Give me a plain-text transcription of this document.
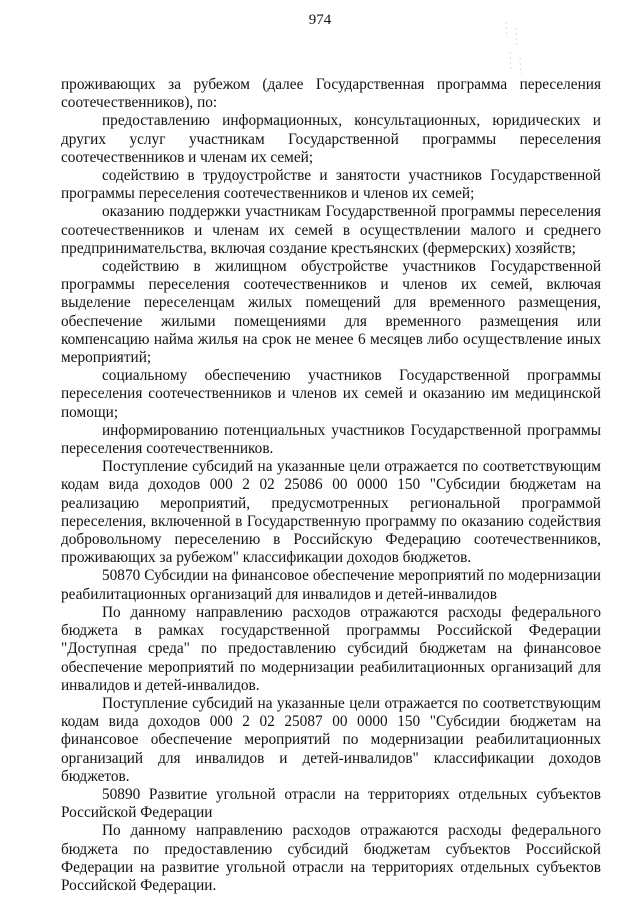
974

проживающих за рубежом (далее Государственная программа переселения соотечественников), по:

предоставлению информационных, консультационных, юридических и других услуг участникам Государственной программы переселения соотечественников и членам их семей;

содействию в трудоустройстве и занятости участников Государственной программы переселения соотечественников и членов их семей;

оказанию поддержки участникам Государственной программы переселения соотечественников и членам их семей в осуществлении малого и среднего предпринимательства, включая создание крестьянских (фермерских) хозяйств;

содействию в жилищном обустройстве участников Государственной программы переселения соотечественников и членов их семей, включая выделение переселенцам жилых помещений для временного размещения, обеспечение жилыми помещениями для временного размещения или компенсацию найма жилья на срок не менее 6 месяцев либо осуществление иных мероприятий;

социальному обеспечению участников Государственной программы переселения соотечественников и членов их семей и оказанию им медицинской помощи;

информированию потенциальных участников Государственной программы переселения соотечественников.

Поступление субсидий на указанные цели отражается по соответствующим кодам вида доходов 000 2 02 25086 00 0000 150 "Субсидии бюджетам на реализацию мероприятий, предусмотренных региональной программой переселения, включенной в Государственную программу по оказанию содействия добровольному переселению в Российскую Федерацию соотечественников, проживающих за рубежом" классификации доходов бюджетов.

50870 Субсидии на финансовое обеспечение мероприятий по модернизации реабилитационных организаций для инвалидов и детей-инвалидов

По данному направлению расходов отражаются расходы федерального бюджета в рамках государственной программы Российской Федерации "Доступная среда" по предоставлению субсидий бюджетам на финансовое обеспечение мероприятий по модернизации реабилитационных организаций для инвалидов и детей-инвалидов.

Поступление субсидий на указанные цели отражается по соответствующим кодам вида доходов 000 2 02 25087 00 0000 150 "Субсидии бюджетам на финансовое обеспечение мероприятий по модернизации реабилитационных организаций для инвалидов и детей-инвалидов" классификации доходов бюджетов.

50890 Развитие угольной отрасли на территориях отдельных субъектов Российской Федерации

По данному направлению расходов отражаются расходы федерального бюджета по предоставлению субсидий бюджетам субъектов Российской Федерации на развитие угольной отрасли на территориях отдельных субъектов Российской Федерации.
